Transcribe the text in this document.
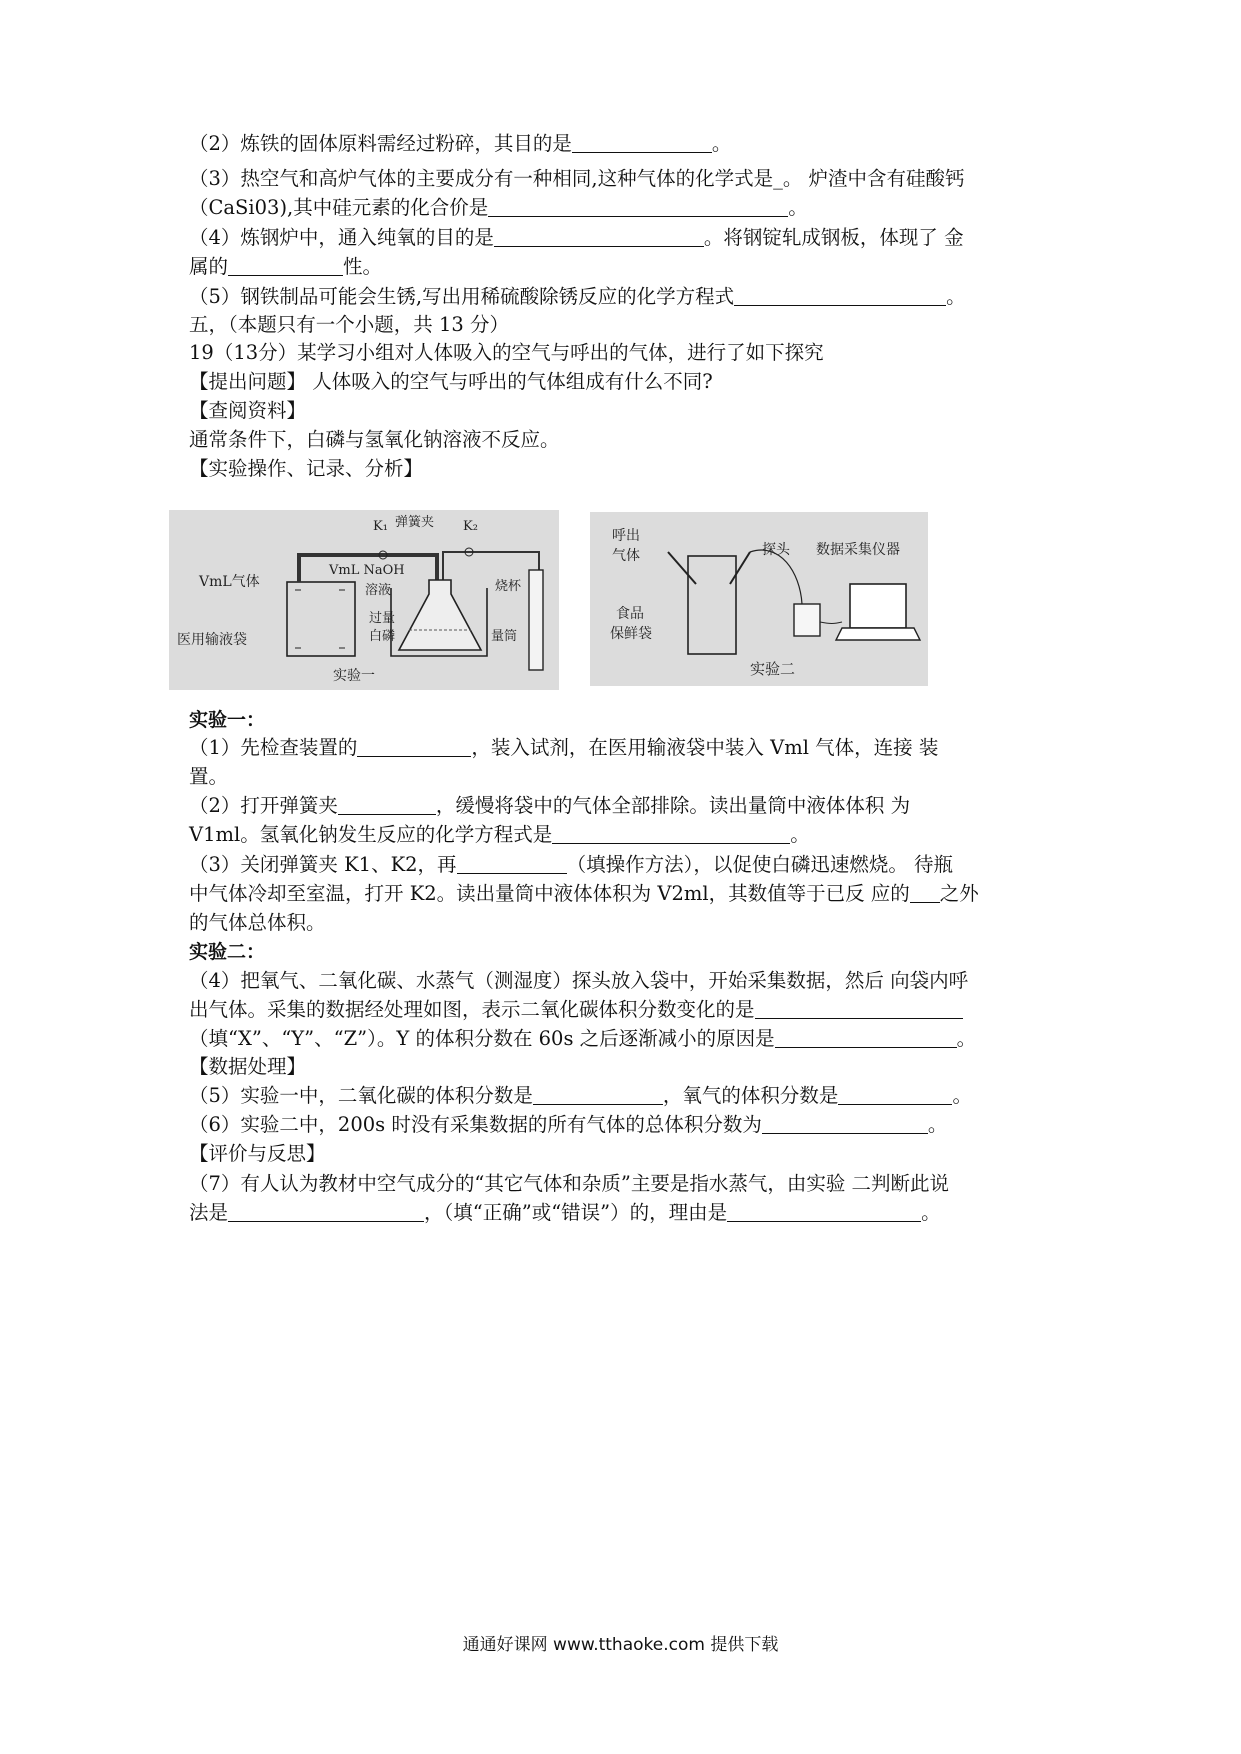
（2）炼铁的固体原料需经过粉碎，其目的是	。
（3）热空气和高炉气体的主要成分有一种相同,这种气体的化学式是_。 炉渣中含有硅酸钙
（CaSi03),其中硅元素的化合价是	。
（4）炼钢炉中，通入纯氧的目的是	。将钢锭轧成钢板，体现了 金
属的	性。
（5）钢铁制品可能会生锈,写出用稀硫酸除锈反应的化学方程式	。
五，（本题只有一个小题，共 13 分）
19（13分）某学习小组对人体吸入的空气与呼出的气体，进行了如下探究
【提出问题】 人体吸入的空气与呼出的气体组成有什么不同?
【查阅资料】
通常条件下，白磷与氢氧化钠溶液不反应。
【实验操作、记录、分析】
K₁ 弹簧夹 K₂
VmL气体
VmL NaOH
溶液	烧杯
过量
白磷
医用输液袋	量筒
实验一
呼出
气体	探头 数据采集仪器
食品
保鲜袋
实验二
实验一：
（1）先检查装置的	，装入试剂，在医用输液袋中装入 Vml 气体，连接 装
置。
（2）打开弹簧夹	，缓慢将袋中的气体全部排除。读出量筒中液体体积 为
V1ml。氢氧化钠发生反应的化学方程式是	。
（3）关闭弹簧夹 K1、K2，再	（填操作方法），以促使白磷迅速燃烧。 待瓶
中气体冷却至室温，打开 K2。读出量筒中液体体积为 V2ml，其数值等于已反 应的 之外
的气体总体积。
实验二：
（4）把氧气、二氧化碳、水蒸气（测湿度）探头放入袋中，开始采集数据，然后 向袋内呼
出气体。采集的数据经处理如图，表示二氧化碳体积分数变化的是
（填“X”、“Y”、“Z”）。Y 的体积分数在 60s 之后逐渐减小的原因是	。
【数据处理】
（5）实验一中，二氧化碳的体积分数是	，氧气的体积分数是	。
（6）实验二中，200s 时没有采集数据的所有气体的总体积分数为	。
【评价与反思】
（7）有人认为教材中空气成分的“其它气体和杂质”主要是指水蒸气，由实验 二判断此说
法是	，（填“正确”或“错误”）的，理由是	。
通通好课网 www.tthaoke.com 提供下载
